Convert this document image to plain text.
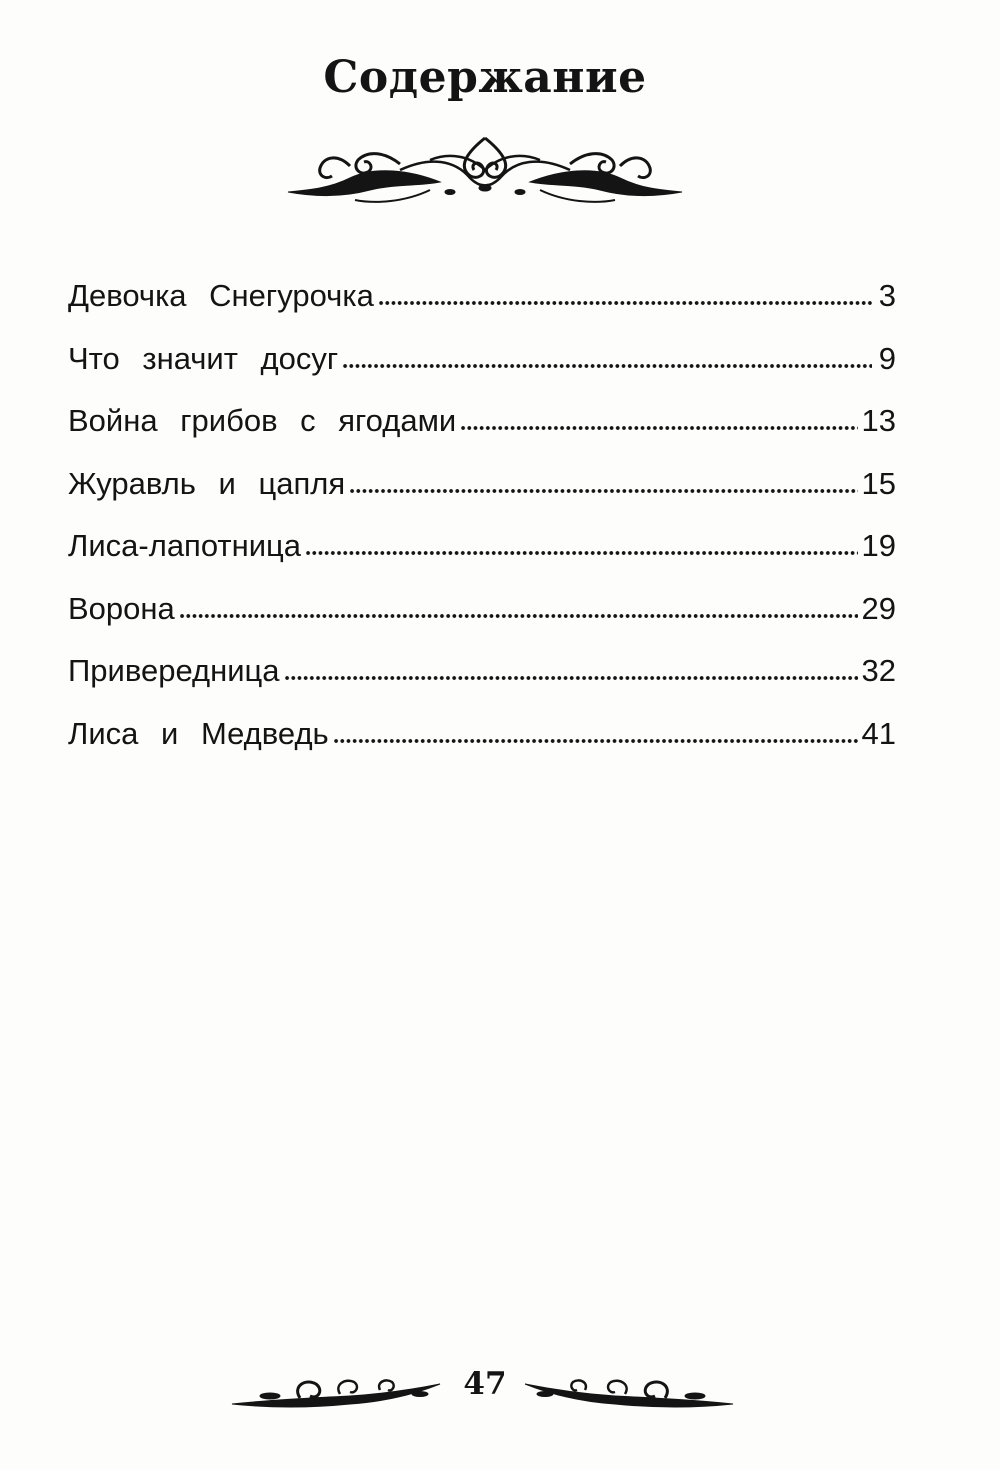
Содержание
Девочка Снегурочка	3
Что значит досуг	9
Война грибов с ягодами	13
Журавль и цапля	15
Лиса-лапотница	19
Ворона	29
Привередница	32
Лиса и Медведь	41
47
